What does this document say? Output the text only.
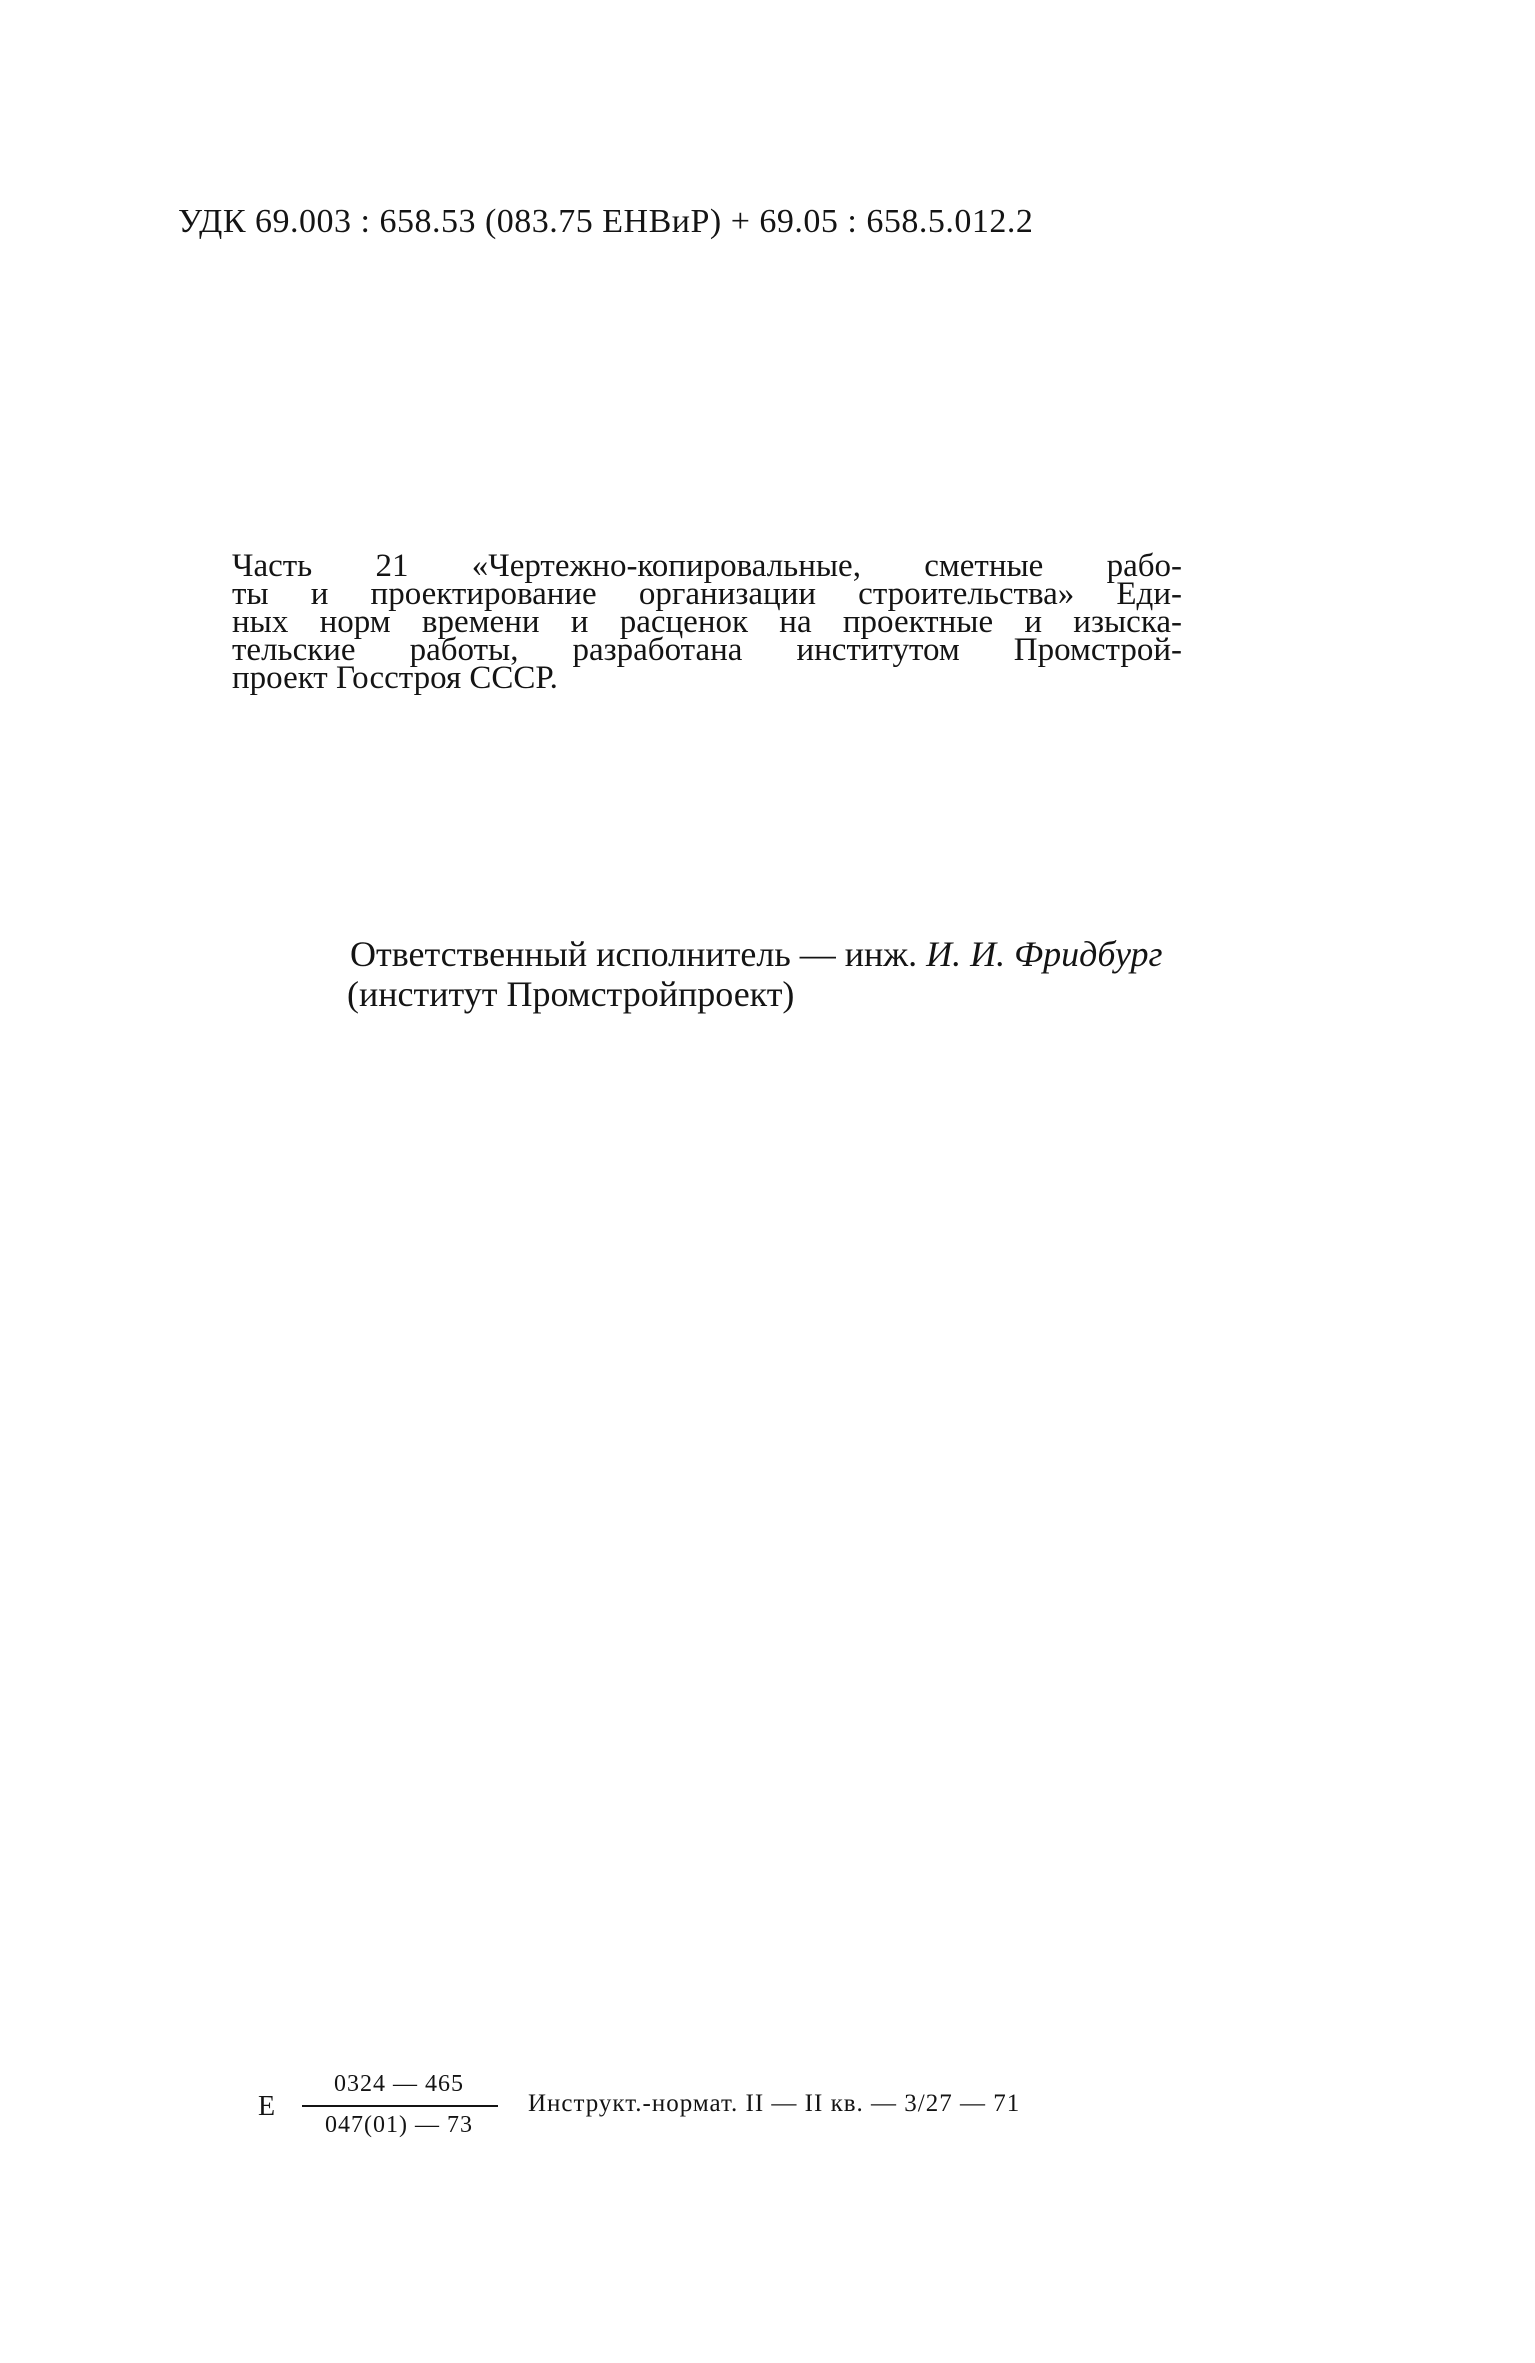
УДК 69.003 : 658.53 (083.75 ЕНВиР) + 69.05 : 658.5.012.2
Часть 21 «Чертежно-копировальные, сметные рабо-
ты и проектирование организации строительства» Еди-
ных норм времени и расценок на проектные и изыска-
тельские работы, разработана институтом Промстрой-
проект Госстроя СССР.
Ответственный исполнитель — инж. И. И. Фридбург
(институт Промстройпроект)
Е
0324 — 465
047(01) — 73
Инструкт.-нормат. II — II кв. — 3/27 — 71
